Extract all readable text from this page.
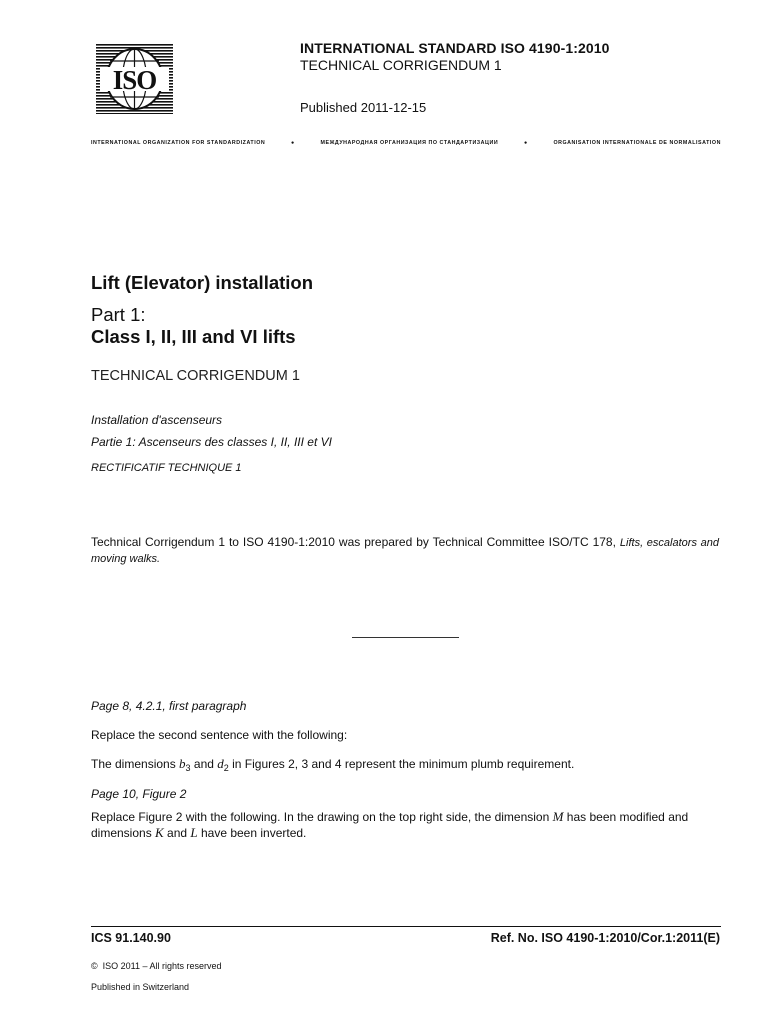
ISO
INTERNATIONAL STANDARD ISO 4190-1:2010
TECHNICAL CORRIGENDUM 1
Published 2011-12-15
INTERNATIONAL ORGANIZATION FOR STANDARDIZATION	●	МЕЖДУНАРОДНАЯ ОРГАНИЗАЦИЯ ПО СТАНДАРТИЗАЦИИ	●	ORGANISATION INTERNATIONALE DE NORMALISATION
Lift (Elevator) installation
Part 1:
Class I, II, III and VI lifts
TECHNICAL CORRIGENDUM 1
Installation d'ascenseurs
Partie 1: Ascenseurs des classes I, II, III et VI
RECTIFICATIF TECHNIQUE 1
Technical Corrigendum 1 to ISO 4190-1:2010 was prepared by Technical Committee ISO/TC 178, Lifts, escalators and moving walks.
Page 8, 4.2.1, first paragraph
Replace the second sentence with the following:
The dimensions $b_3$ and $d_2$ in Figures 2, 3 and 4 represent the minimum plumb requirement.
Page 10, Figure 2
Replace Figure 2 with the following. In the drawing on the top right side, the dimension M has been modified and dimensions K and L have been inverted.
ICS 91.140.90	Ref. No. ISO 4190-1:2010/Cor.1:2011(E)
© ISO 2011 – All rights reserved
Published in Switzerland
